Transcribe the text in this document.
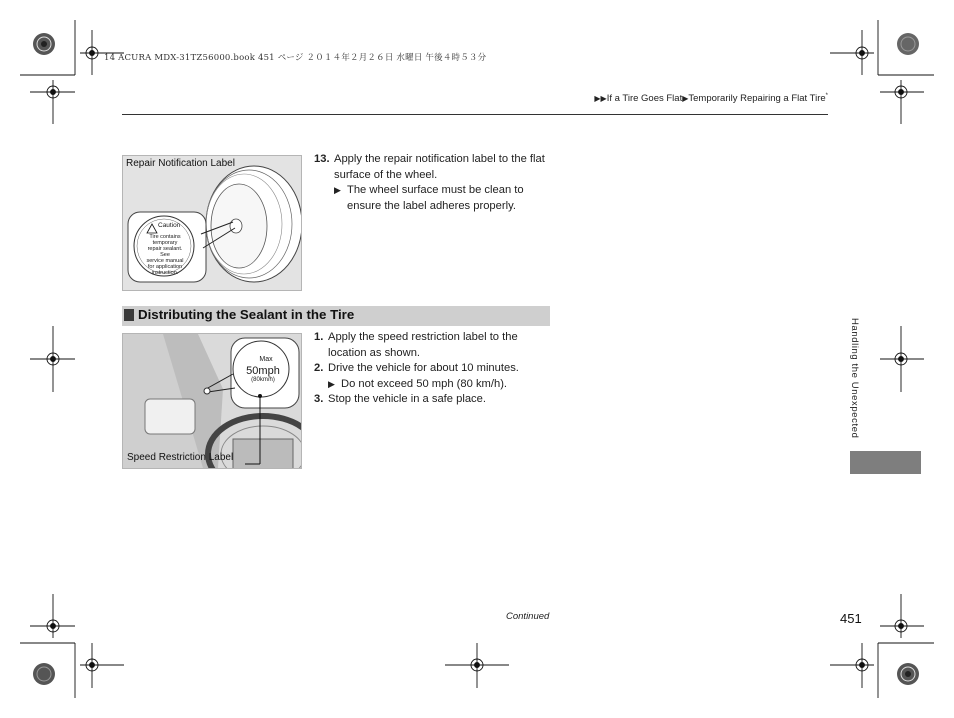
14 ACURA MDX-31TZ56000.book 451 ページ ２０１４年２月２６日 水曜日 午後４時５３分
▶▶If a Tire Goes Flat▶Temporarily Repairing a Flat Tire*
Repair Notification Label
Caution
Tire contains temporary
repair sealant.
See
service manual
for application
instruction.
13. Apply the repair notification label to the flat surface of the wheel.
▶ The wheel surface must be clean to ensure the label adheres properly.
Distributing the Sealant in the Tire
Max
50mph
(80km/h)
Speed Restriction Label
1. Apply the speed restriction label to the location as shown.
2. Drive the vehicle for about 10 minutes.
▶ Do not exceed 50 mph (80 km/h).
3. Stop the vehicle in a safe place.	Handling the Unexpected
Continued	451
